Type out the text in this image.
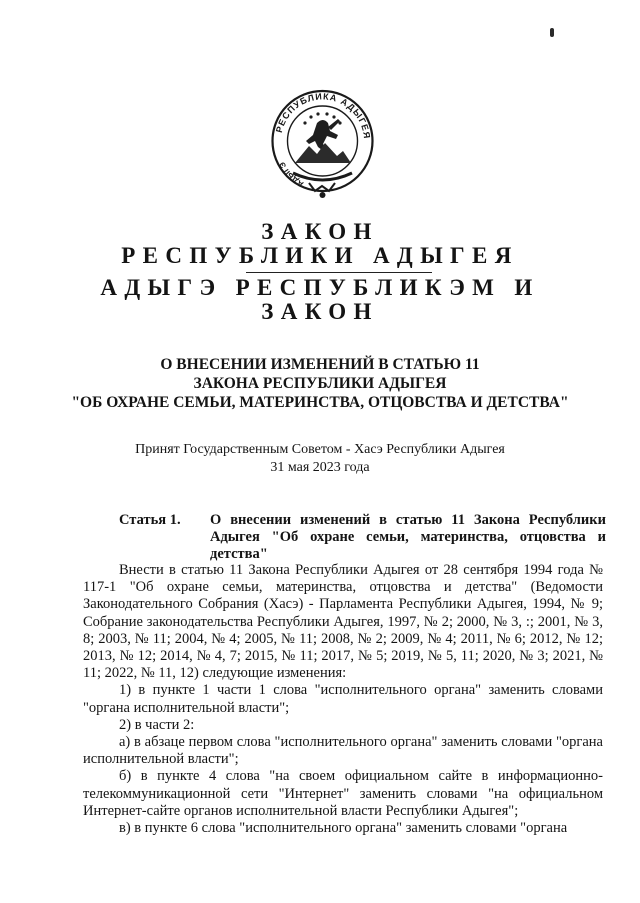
РЕСПУБЛИКА АДЫГЕЯ
АДЫГЭ
ЗАКОН
РЕСПУБЛИКИ АДЫГЕЯ
АДЫГЭ РЕСПУБЛИКЭМ И
ЗАКОН
О ВНЕСЕНИИ ИЗМЕНЕНИЙ В СТАТЬЮ 11
ЗАКОНА РЕСПУБЛИКИ АДЫГЕЯ
"ОБ ОХРАНЕ СЕМЬИ, МАТЕРИНСТВА, ОТЦОВСТВА И ДЕТСТВА"
Принят Государственным Советом - Хасэ Республики Адыгея
31 мая 2023 года
Статья 1. О внесении изменений в статью 11 Закона Республики Адыгея "Об охране семьи, материнства, отцовства и детства"

Внести в статью 11 Закона Республики Адыгея от 28 сентября 1994 года № 117-1 "Об охране семьи, материнства, отцовства и детства" (Ведомости Законодательного Собрания (Хасэ) - Парламента Республики Адыгея, 1994, № 9; Собрание законодательства Республики Адыгея, 1997, № 2; 2000, № 3, :; 2001, № 3, 8; 2003, № 11; 2004, № 4; 2005, № 11; 2008, № 2; 2009, № 4; 2011, № 6; 2012, № 12; 2013, № 12; 2014, № 4, 7; 2015, № 11; 2017, № 5; 2019, № 5, 11; 2020, № 3; 2021, № 11; 2022, № 11, 12) следующие изменения:

1) в пункте 1 части 1 слова "исполнительного органа" заменить словами "органа исполнительной власти";

2) в части 2:

а) в абзаце первом слова "исполнительного органа" заменить словами "органа исполнительной власти";

б) в пункте 4 слова "на своем официальном сайте в информационно-телекоммуникационной сети "Интернет" заменить словами "на официальном Интернет-сайте органов исполнительной власти Республики Адыгея";

в) в пункте 6 слова "исполнительного органа" заменить словами "органа
